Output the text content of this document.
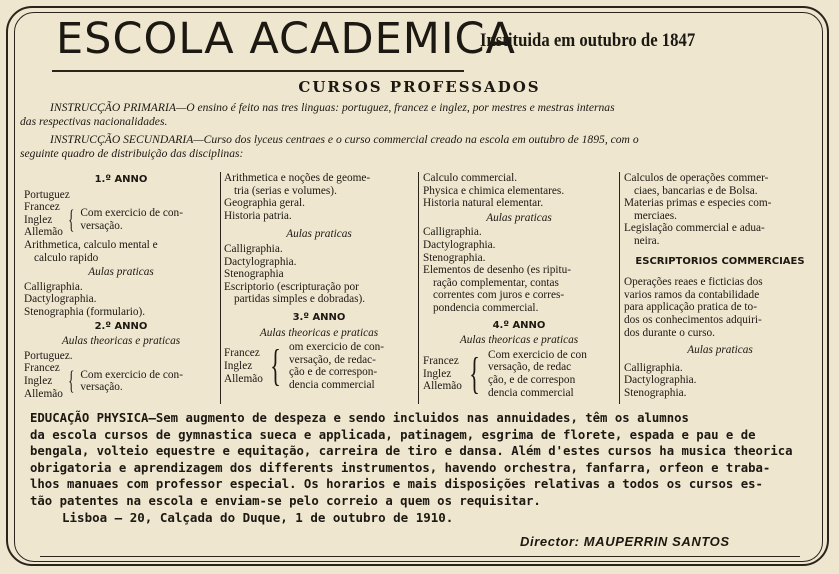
ESCOLA ACADEMICA
Instituida em outubro de 1847
CURSOS PROFESSADOS
INSTRUCÇÃO PRIMARIA—O ensino é feito nas tres linguas: portuguez, francez e inglez, por mestres e mestras internas
das respectivas nacionalidades.
INSTRUCÇÃO SECUNDARIA—Curso dos lyceus centraes e o curso commercial creado na escola em outubro de 1895, com o
seguinte quadro de distribuição das disciplinas:
1.º ANNO
Portuguez
Francez
Inglez
Allemão { Com exercicio de con-
versação.
Arithmetica, calculo mental e
calculo rapido
Aulas praticas
Calligraphia.
Dactylographia.
Stenographia (formulario).
2.º ANNO
Aulas theoricas e praticas
Portuguez.
Francez
Inglez
Allemão { Com exercicio de con-
versação.
Arithmetica e noções de geome-
tria (serias e volumes).
Geographia geral.
Historia patria.
Aulas praticas
Calligraphia.
Dactylographia.
Stenographia
Escriptorio (escripturação por
partidas simples e dobradas).
3.º ANNO
Aulas theoricas e praticas
Francez
Inglez
Allemão { om exercicio de con-
versação, de redac-
ção e de correspon-
dencia commercial
Calculo commercial.
Physica e chimica elementares.
Historia natural elementar.
Aulas praticas
Calligraphia.
Dactylographia.
Stenographia.
Elementos de desenho (es ripitu-
ração complementar, contas
correntes com juros e corres-
pondencia commercial.
4.º ANNO
Aulas theoricas e praticas
Francez
Inglez
Allemão { Com exercicio de con
versação, de redac
ção, e de correspon
dencia commercial
Calculos de operações commer-
ciaes, bancarias e de Bolsa.
Materias primas e especies com-
merciaes.
Legislação commercial e adua-
neira.
ESCRIPTORIOS COMMERCIAES
Operações reaes e ficticias dos
varios ramos da contabilidade
para applicação pratica de to-
dos os conhecimentos adquiri-
dos durante o curso.
Aulas praticas
Calligraphia.
Dactylographia.
Stenographia.
EDUCAÇÃO PHYSICA—Sem augmento de despeza e sendo incluidos nas annuidades, têm os alumnos
da escola cursos de gymnastica sueca e applicada, patinagem, esgrima de florete, espada e pau e de
bengala, volteio equestre e equitação, carreira de tiro e dansa. Além d'estes cursos ha musica theorica
obrigatoria e aprendizagem dos differents instrumentos, havendo orchestra, fanfarra, orfeon e traba-
lhos manuaes com professor especial. Os horarios e mais disposições relativas a todos os cursos es-
tão patentes na escola e enviam-se pelo correio a quem os requisitar.
Lisboa — 20, Calçada do Duque, 1 de outubro de 1910.
Director: MAUPERRIN SANTOS
